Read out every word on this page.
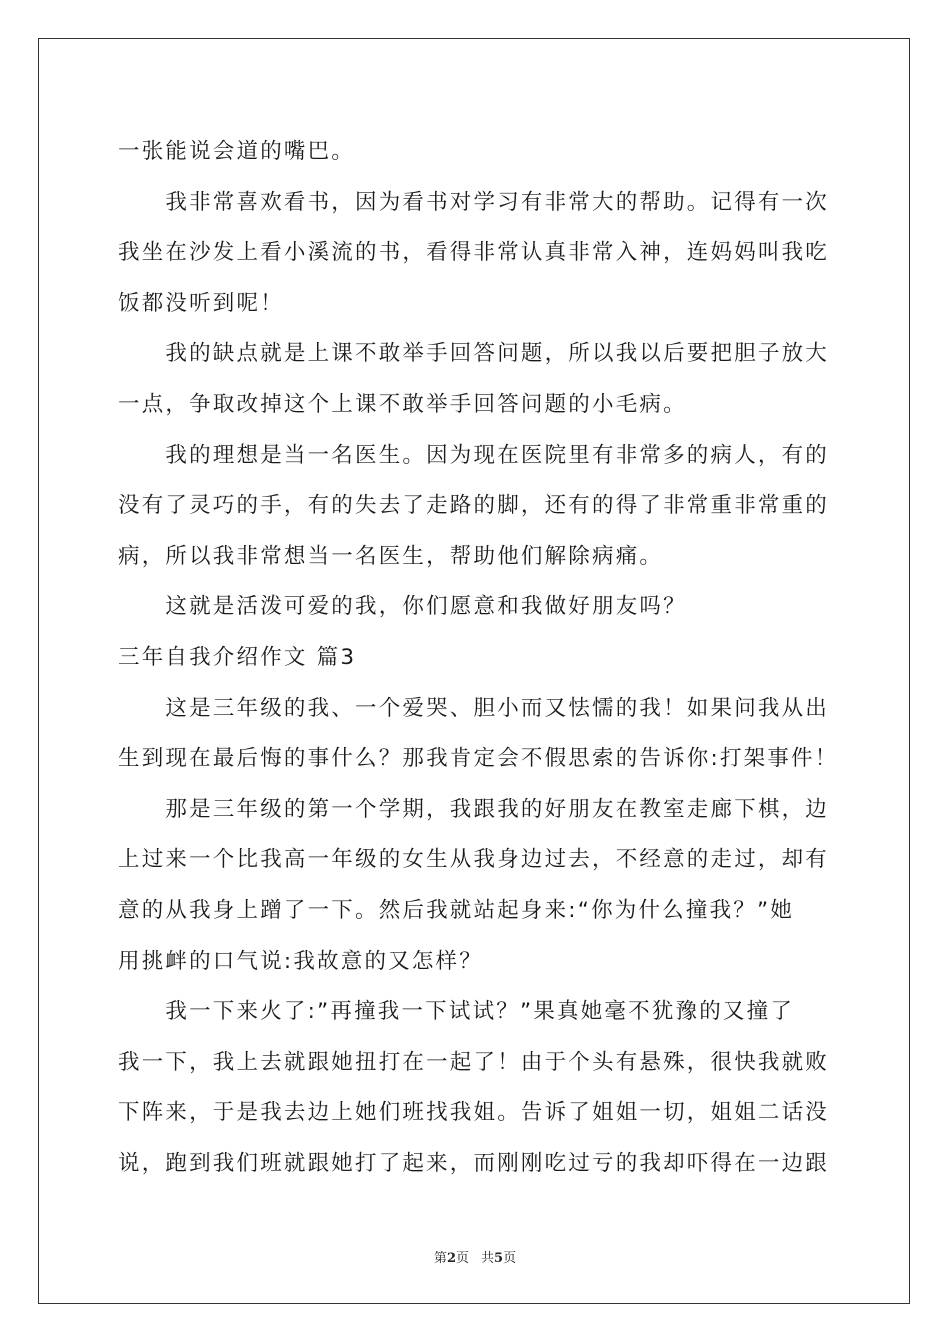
一张能说会道的嘴巴。
　　我非常喜欢看书，因为看书对学习有非常大的帮助。记得有一次
我坐在沙发上看小溪流的书，看得非常认真非常入神，连妈妈叫我吃
饭都没听到呢！
　　我的缺点就是上课不敢举手回答问题，所以我以后要把胆子放大
一点，争取改掉这个上课不敢举手回答问题的小毛病。
　　我的理想是当一名医生。因为现在医院里有非常多的病人，有的
没有了灵巧的手，有的失去了走路的脚，还有的得了非常重非常重的
病，所以我非常想当一名医生，帮助他们解除病痛。
　　这就是活泼可爱的我，你们愿意和我做好朋友吗？
三年自我介绍作文 篇3
　　这是三年级的我、一个爱哭、胆小而又怯懦的我！如果问我从出
生到现在最后悔的事什么？那我肯定会不假思索的告诉你:打架事件！
　　那是三年级的第一个学期，我跟我的好朋友在教室走廊下棋，边
上过来一个比我高一年级的女生从我身边过去，不经意的走过，却有
意的从我身上蹭了一下。然后我就站起身来:“你为什么撞我？”她
用挑衅的口气说:我故意的又怎样？
　　我一下来火了:”再撞我一下试试？”果真她毫不犹豫的又撞了
我一下，我上去就跟她扭打在一起了！由于个头有悬殊，很快我就败
下阵来，于是我去边上她们班找我姐。告诉了姐姐一切，姐姐二话没
说，跑到我们班就跟她打了起来，而刚刚吃过亏的我却吓得在一边跟
第2页 共5页
